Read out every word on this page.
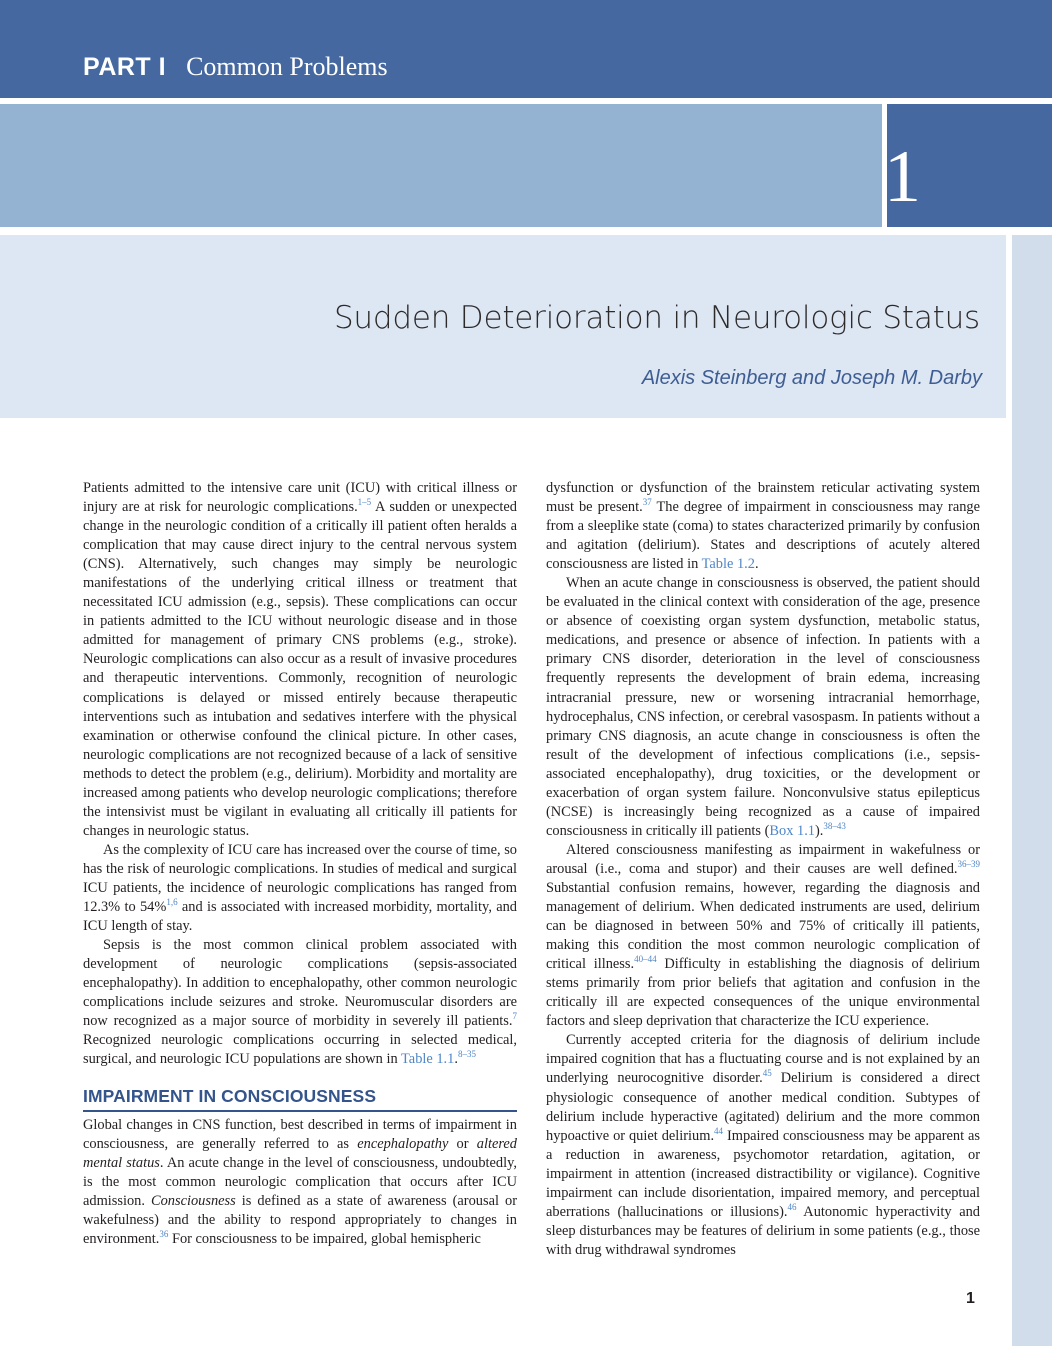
PART I Common Problems
1
Sudden Deterioration in Neurologic Status
Alexis Steinberg and Joseph M. Darby

Patients admitted to the intensive care unit (ICU) with critical illness or injury are at risk for neurologic complications.$^{1-5}$ A sudden or unexpected change in the neurologic condition of a critically ill patient often heralds a complication that may cause direct injury to the central nervous system (CNS). Alternatively, such changes may simply be neurologic manifestations of the underlying critical illness or treatment that necessitated ICU admission (e.g., sepsis). These complications can occur in patients admitted to the ICU without neurologic disease and in those admitted for management of primary CNS problems (e.g., stroke). Neurologic complications can also occur as a result of invasive procedures and therapeutic interventions. Commonly, recognition of neurologic complications is delayed or missed entirely because therapeutic interventions such as intubation and sedatives interfere with the physical examination or otherwise confound the clinical picture. In other cases, neurologic complications are not recognized because of a lack of sensitive methods to detect the problem (e.g., delirium). Morbidity and mortality are increased among patients who develop neurologic complications; therefore the intensivist must be vigilant in evaluating all critically ill patients for changes in neurologic status.

As the complexity of ICU care has increased over the course of time, so has the risk of neurologic complications. In studies of medical and surgical ICU patients, the incidence of neurologic complications has ranged from 12.3% to 54%$^{1,6}$ and is associated with increased morbidity, mortality, and ICU length of stay.

Sepsis is the most common clinical problem associated with development of neurologic complications (sepsis-associated encephalopathy). In addition to encephalopathy, other common neurologic complications include seizures and stroke. Neuromuscular disorders are now recognized as a major source of morbidity in severely ill patients.$^7$ Recognized neurologic complications occurring in selected medical, surgical, and neurologic ICU populations are shown in Table 1.1.$^{8-35}$

IMPAIRMENT IN CONSCIOUSNESS

Global changes in CNS function, best described in terms of impairment in consciousness, are generally referred to as encephalopathy or altered mental status. An acute change in the level of consciousness, undoubtedly, is the most common neurologic complication that occurs after ICU admission. Consciousness is defined as a state of awareness (arousal or wakefulness) and the ability to respond appropriately to changes in environment.$^{36}$ For consciousness to be impaired, global hemispheric

dysfunction or dysfunction of the brainstem reticular activating system must be present.$^{37}$ The degree of impairment in consciousness may range from a sleeplike state (coma) to states characterized primarily by confusion and agitation (delirium). States and descriptions of acutely altered consciousness are listed in Table 1.2.

When an acute change in consciousness is observed, the patient should be evaluated in the clinical context with consideration of the age, presence or absence of coexisting organ system dysfunction, metabolic status, medications, and presence or absence of infection. In patients with a primary CNS disorder, deterioration in the level of consciousness frequently represents the development of brain edema, increasing intracranial pressure, new or worsening intracranial hemorrhage, hydrocephalus, CNS infection, or cerebral vasospasm. In patients without a primary CNS diagnosis, an acute change in consciousness is often the result of the development of infectious complications (i.e., sepsis-associated encephalopathy), drug toxicities, or the development or exacerbation of organ system failure. Nonconvulsive status epilepticus (NCSE) is increasingly being recognized as a cause of impaired consciousness in critically ill patients (Box 1.1).$^{38-43}$

Altered consciousness manifesting as impairment in wakefulness or arousal (i.e., coma and stupor) and their causes are well defined.$^{36-39}$ Substantial confusion remains, however, regarding the diagnosis and management of delirium. When dedicated instruments are used, delirium can be diagnosed in between 50% and 75% of critically ill patients, making this condition the most common neurologic complication of critical illness.$^{40-44}$ Difficulty in establishing the diagnosis of delirium stems primarily from prior beliefs that agitation and confusion in the critically ill are expected consequences of the unique environmental factors and sleep deprivation that characterize the ICU experience.

Currently accepted criteria for the diagnosis of delirium include impaired cognition that has a fluctuating course and is not explained by an underlying neurocognitive disorder.$^{45}$ Delirium is considered a direct physiologic consequence of another medical condition. Subtypes of delirium include hyperactive (agitated) delirium and the more common hypoactive or quiet delirium.$^{44}$ Impaired consciousness may be apparent as a reduction in awareness, psychomotor retardation, agitation, or impairment in attention (increased distractibility or vigilance). Cognitive impairment can include disorientation, impaired memory, and perceptual aberrations (hallucinations or illusions).$^{46}$ Autonomic hyperactivity and sleep disturbances may be features of delirium in some patients (e.g., those with drug withdrawal syndromes

1
